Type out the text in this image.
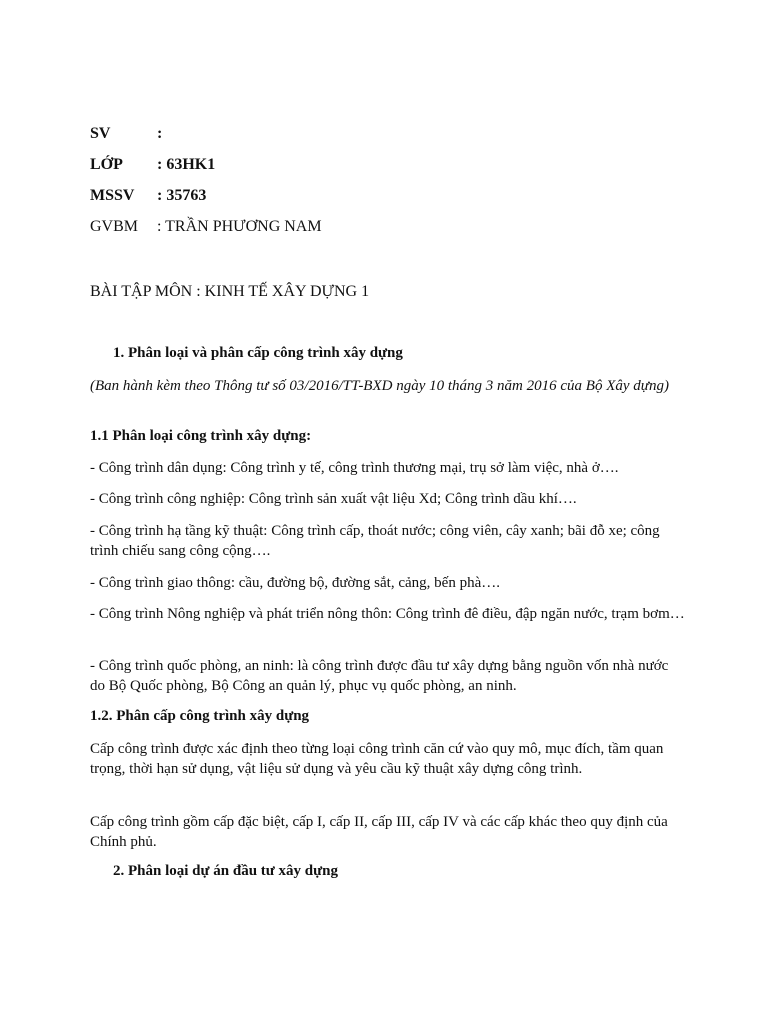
SV	:
LỚP : 63HK1
MSSV : 35763
GVBM : TRẦN PHƯƠNG NAM
BÀI TẬP MÔN : KINH TẾ XÂY DỰNG 1
1. Phân loại và phân cấp công trình xây dựng
(Ban hành kèm theo Thông tư số 03/2016/TT-BXD ngày 10 tháng 3 năm 2016 của Bộ Xây dựng)
1.1 Phân loại công trình xây dựng:
- Công trình dân dụng: Công trình y tế, công trình thương mại, trụ sở làm việc, nhà ở….
- Công trình công nghiệp: Công trình sản xuất vật liệu Xd; Công trình dầu khí….
- Công trình hạ tầng kỹ thuật: Công trình cấp, thoát nước; công viên, cây xanh; bãi đỗ xe; công trình chiếu sang công cộng….
- Công trình giao thông: cầu, đường bộ, đường sắt, cảng, bến phà….
- Công trình Nông nghiệp và phát triển nông thôn: Công trình đê điều, đập ngăn nước, trạm bơm…
- Công trình quốc phòng, an ninh: là công trình được đầu tư xây dựng bằng nguồn vốn nhà nước do Bộ Quốc phòng, Bộ Công an quản lý, phục vụ quốc phòng, an ninh.
1.2. Phân cấp công trình xây dựng
Cấp công trình được xác định theo từng loại công trình căn cứ vào quy mô, mục đích, tầm quan trọng, thời hạn sử dụng, vật liệu sử dụng và yêu cầu kỹ thuật xây dựng công trình.
Cấp công trình gồm cấp đặc biệt, cấp I, cấp II, cấp III, cấp IV và các cấp khác theo quy định của Chính phủ.
2. Phân loại dự án đầu tư xây dựng
